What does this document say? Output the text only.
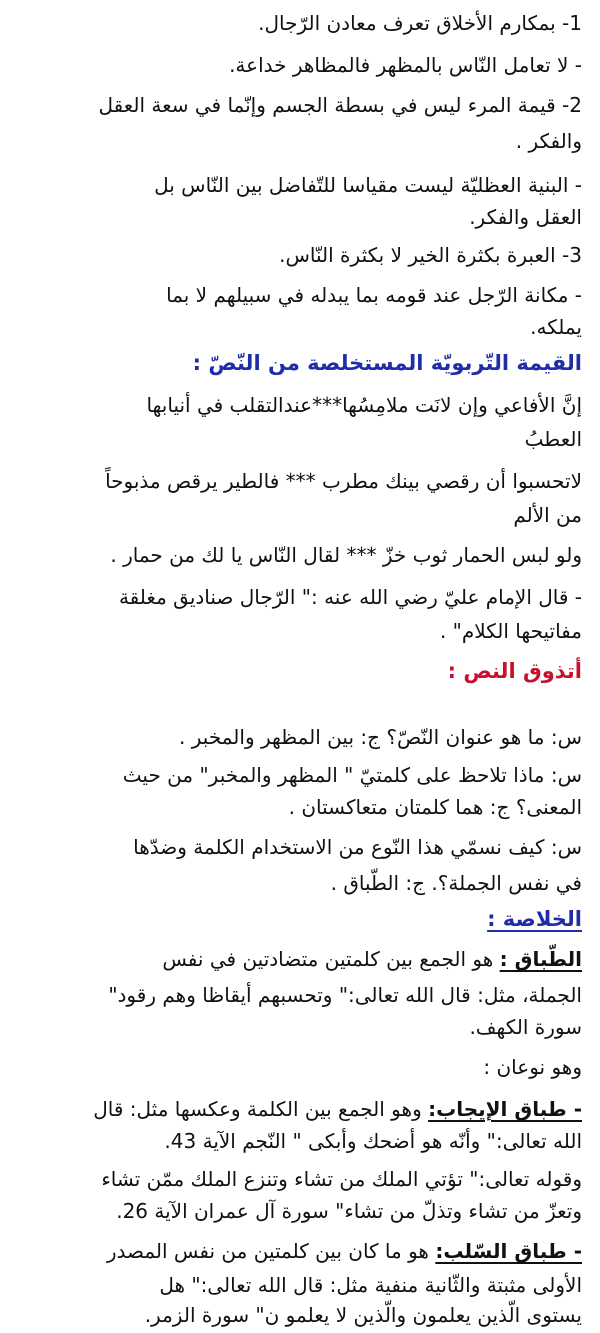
1- بمكارم الأخلاق تعرف معادن الرّجال.
- لا تعامل النّاس بالمظهر فالمظاهر خداعة.
2- قيمة المرء ليس في بسطة الجسم وإنّما في سعة العقل
والفكر .
- البنية العظليّة ليست مقياسا للتّفاضل بين النّاس بل
العقل والفكر.
3- العبرة بكثرة الخير لا بكثرة النّاس.
- مكانة الرّجل عند قومه بما يبدله في سبيلهم لا بما
يملكه.
القيمة التّربويّة المستخلصة من النّصّ :
إنَّ الأفاعي وإن لانَت ملامِسُها***عندالتقلب في أنيابها
العطبُ
لاتحسبوا أن رقصي بينك مطرب *** فالطير يرقص مذبوحاً
من الألم
ولو لبس الحمار ثوب خزّ *** لقال النّاس يا لك من حمار .
- قال الإمام عليّ رضي الله عنه :" الرّجال صناديق مغلقة
مفاتيحها الكلام" .
أتذوق النص :
س: ما هو عنوان النّصّ؟ ج: بين المظهر والمخبر .
س: ماذا تلاحظ على كلمتيّ " المظهر والمخبر" من حيث
المعنى؟ ج: هما كلمتان متعاكستان .
س: كيف نسمّي هذا النّوع من الاستخدام الكلمة وضدّها
في نفس الجملة؟. ج: الطّباق .
الخلاصة :
الطّباق : هو الجمع بين كلمتين متضادتين في نفس
الجملة، مثل: قال الله تعالى:" وتحسبهم أيقاظا وهم رقود"
سورة الكهف.
وهو نوعان :
- طباق الإيجاب: وهو الجمع بين الكلمة وعكسها مثل: قال
الله تعالى:" وأنّه هو أضحك وأبكى " النّجم الآية 43.
وقوله تعالى:" تؤتي الملك من تشاء وتنزع الملك ممّن تشاء
وتعزّ من تشاء وتذلّ من تشاء" سورة آل عمران الآية 26.
- طباق السّلب: هو ما كان بين كلمتين من نفس المصدر
الأولى مثبتة والثّانية منفية مثل: قال الله تعالى:" هل
يستوى الّذين يعلمون والّذين لا يعلمو ن" سورة الزمر.
